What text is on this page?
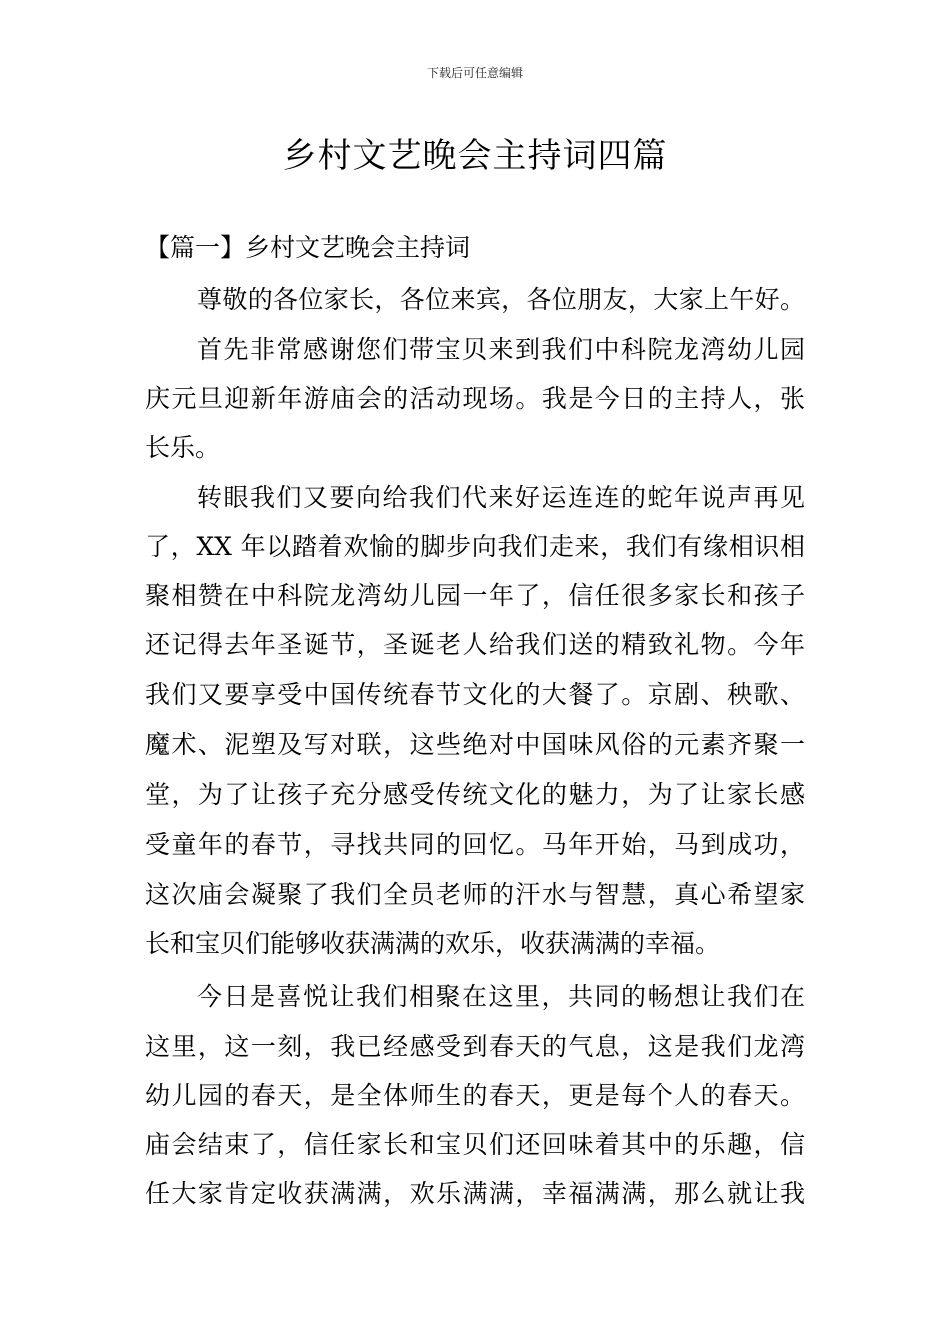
下载后可任意编辑
乡村文艺晚会主持词四篇
【篇一】乡村文艺晚会主持词
尊敬的各位家长，各位来宾，各位朋友，大家上午好。
首先非常感谢您们带宝贝来到我们中科院龙湾幼儿园
庆元旦迎新年游庙会的活动现场。我是今日的主持人，张
长乐。
转眼我们又要向给我们代来好运连连的蛇年说声再见
了，XX 年以踏着欢愉的脚步向我们走来，我们有缘相识相
聚相赞在中科院龙湾幼儿园一年了，信任很多家长和孩子
还记得去年圣诞节，圣诞老人给我们送的精致礼物。今年
我们又要享受中国传统春节文化的大餐了。京剧、秧歌、
魔术、泥塑及写对联，这些绝对中国味风俗的元素齐聚一
堂，为了让孩子充分感受传统文化的魅力，为了让家长感
受童年的春节，寻找共同的回忆。马年开始，马到成功，
这次庙会凝聚了我们全员老师的汗水与智慧，真心希望家
长和宝贝们能够收获满满的欢乐，收获满满的幸福。
今日是喜悦让我们相聚在这里，共同的畅想让我们在
这里，这一刻，我已经感受到春天的气息，这是我们龙湾
幼儿园的春天，是全体师生的春天，更是每个人的春天。
庙会结束了，信任家长和宝贝们还回味着其中的乐趣，信
任大家肯定收获满满，欢乐满满，幸福满满，那么就让我
